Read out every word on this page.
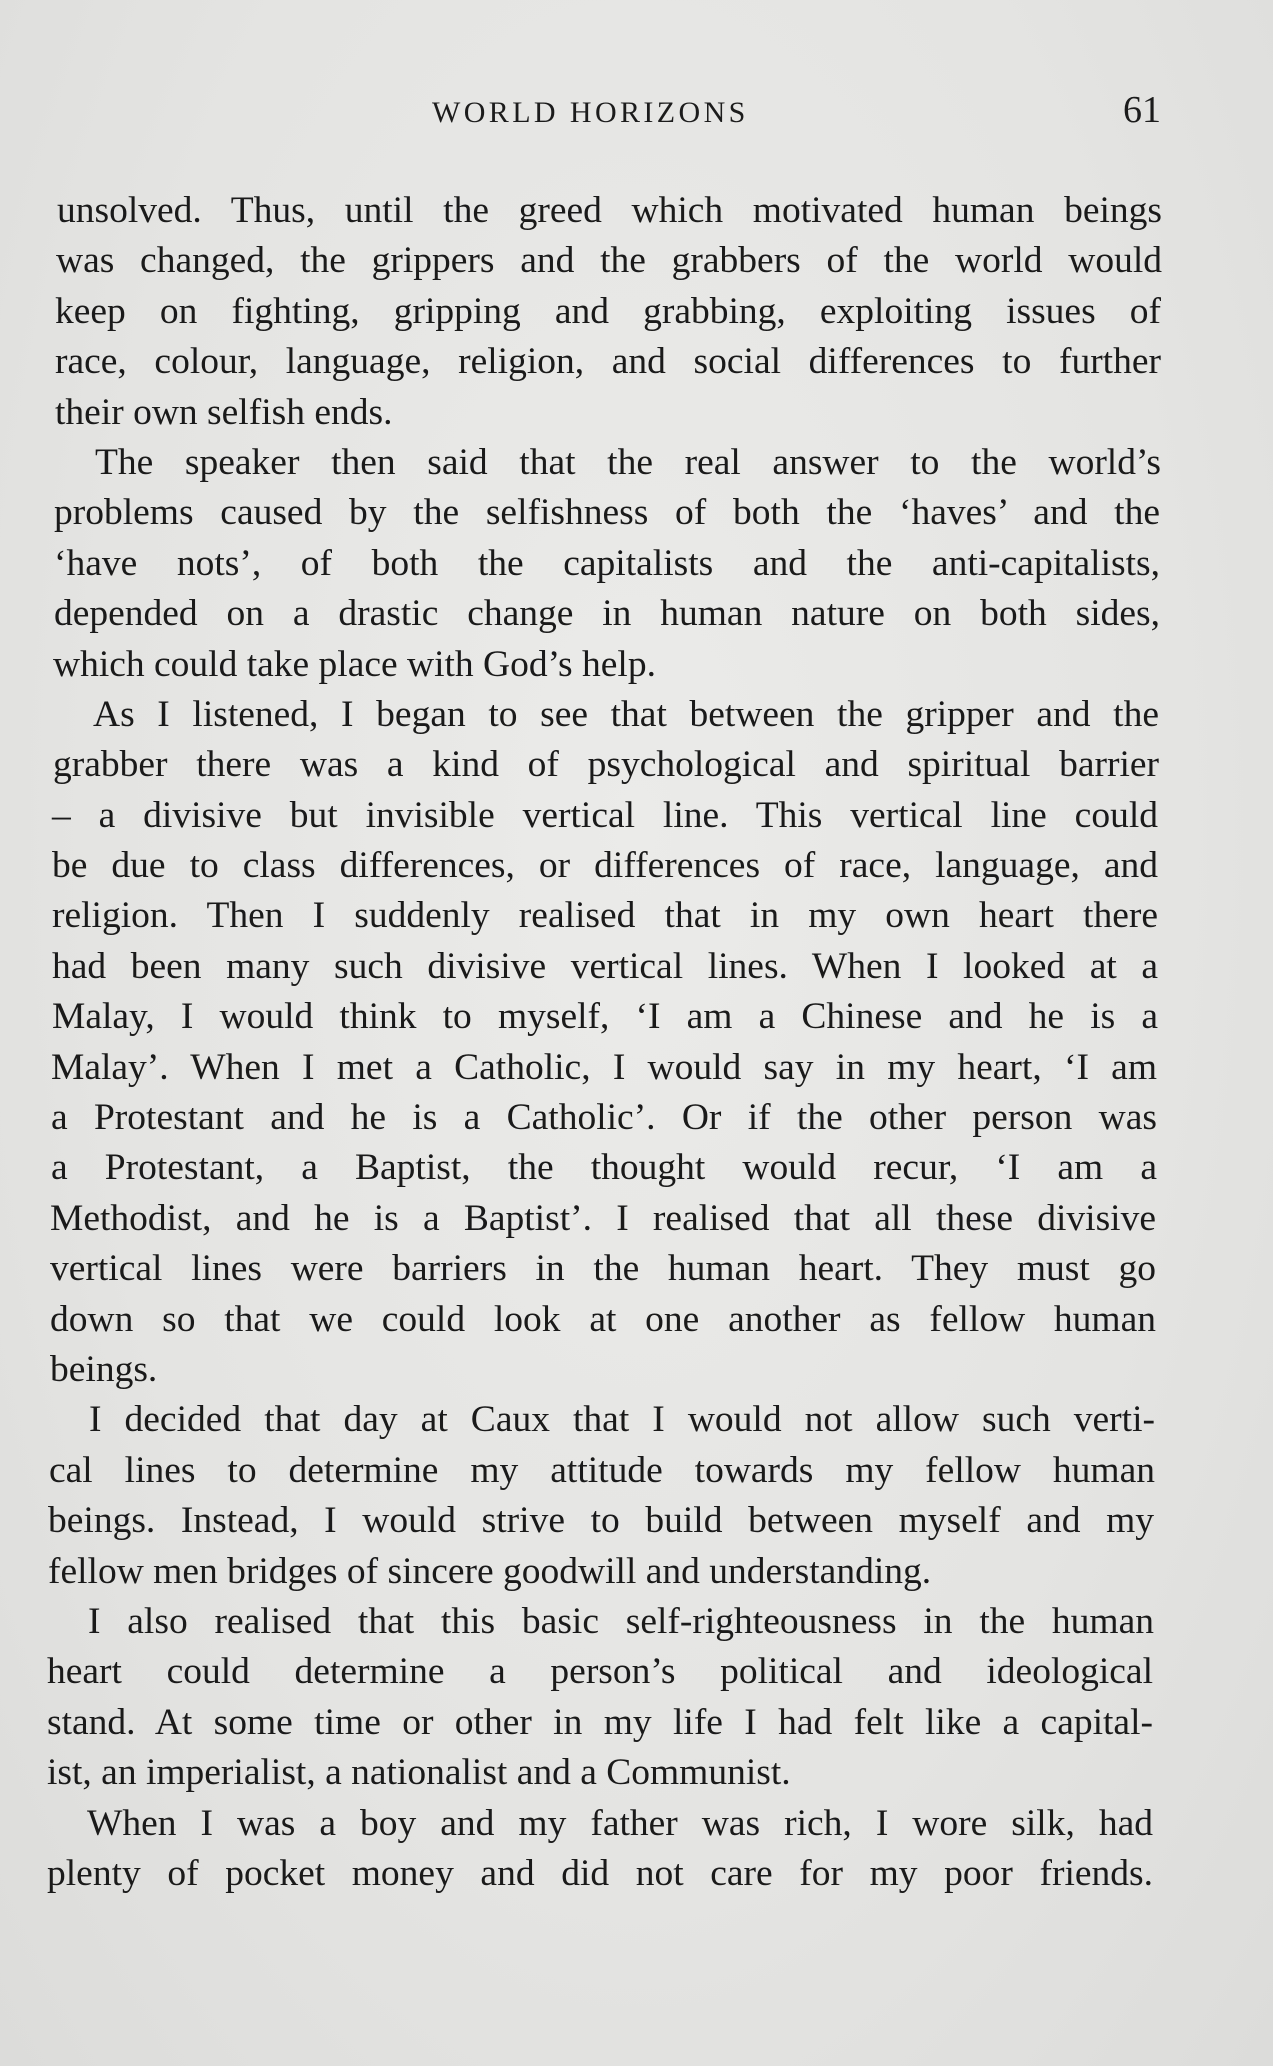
WORLD HORIZONS	61
unsolved. Thus, until the greed which motivated human beings
was changed, the grippers and the grabbers of the world would
keep on fighting, gripping and grabbing, exploiting issues of
race, colour, language, religion, and social differences to further
their own selfish ends.
The speaker then said that the real answer to the world’s
problems caused by the selfishness of both the ‘haves’ and the
‘have nots’, of both the capitalists and the anti-capitalists,
depended on a drastic change in human nature on both sides,
which could take place with God’s help.
As I listened, I began to see that between the gripper and the
grabber there was a kind of psychological and spiritual barrier
– a divisive but invisible vertical line. This vertical line could
be due to class differences, or differences of race, language, and
religion. Then I suddenly realised that in my own heart there
had been many such divisive vertical lines. When I looked at a
Malay, I would think to myself, ‘I am a Chinese and he is a
Malay’. When I met a Catholic, I would say in my heart, ‘I am
a Protestant and he is a Catholic’. Or if the other person was
a Protestant, a Baptist, the thought would recur, ‘I am a
Methodist, and he is a Baptist’. I realised that all these divisive
vertical lines were barriers in the human heart. They must go
down so that we could look at one another as fellow human
beings.
I decided that day at Caux that I would not allow such verti-
cal lines to determine my attitude towards my fellow human
beings. Instead, I would strive to build between myself and my
fellow men bridges of sincere goodwill and understanding.
I also realised that this basic self-righteousness in the human
heart could determine a person’s political and ideological
stand. At some time or other in my life I had felt like a capital-
ist, an imperialist, a nationalist and a Communist.
When I was a boy and my father was rich, I wore silk, had
plenty of pocket money and did not care for my poor friends.
